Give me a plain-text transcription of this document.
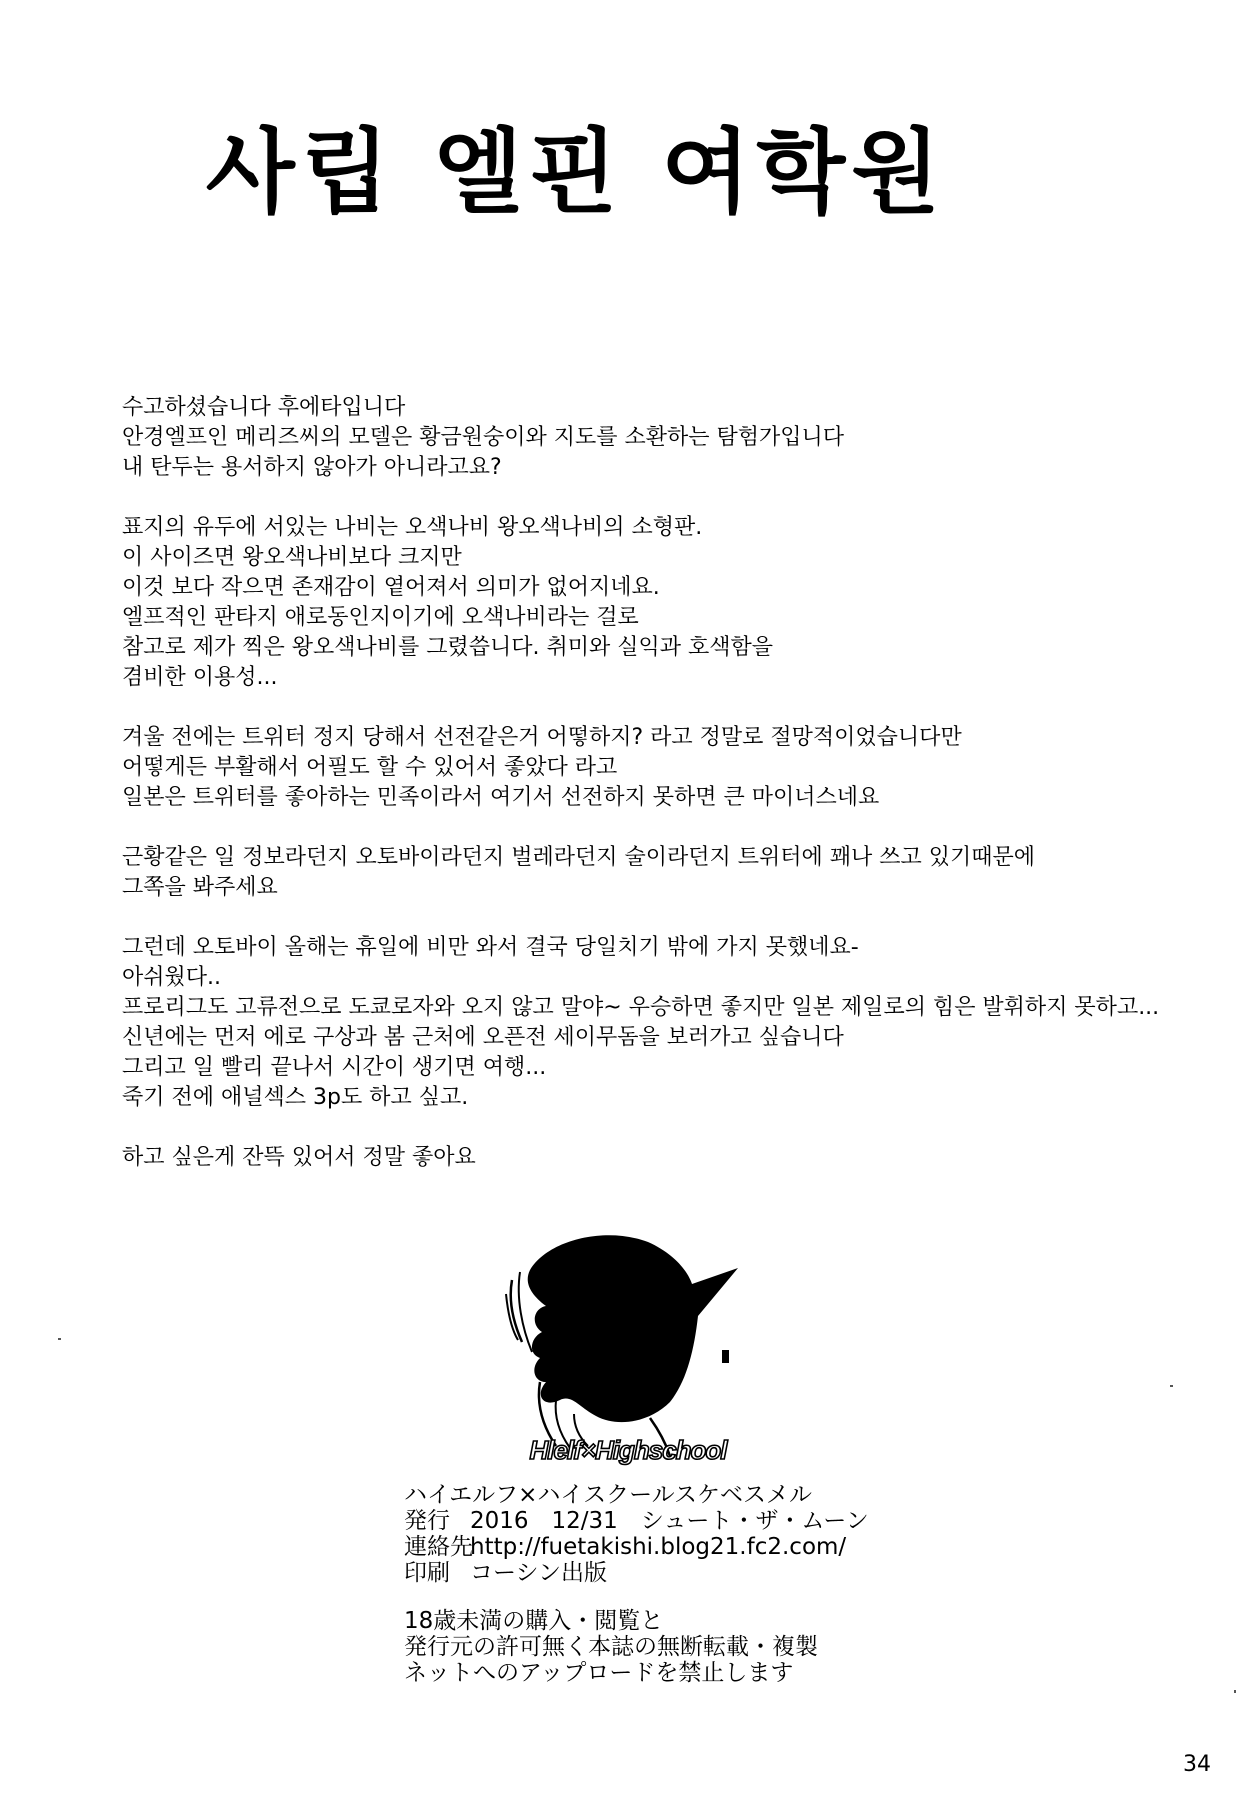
사립 엘핀 여학원
수고하셨습니다 후에타입니다
안경엘프인 메리즈씨의 모델은 황금원숭이와 지도를 소환하는 탐험가입니다
내 탄두는 용서하지 않아가 아니라고요?
표지의 유두에 서있는 나비는 오색나비 왕오색나비의 소형판.
이 사이즈면 왕오색나비보다 크지만
이것 보다 작으면 존재감이 옅어져서 의미가 없어지네요.
엘프적인 판타지 애로동인지이기에 오색나비라는 걸로
참고로 제가 찍은 왕오색나비를 그렸씁니다. 취미와 실익과 호색함을
겸비한 이용성...
겨울 전에는 트위터 정지 당해서 선전같은거 어떻하지? 라고 정말로 절망적이었습니다만
어떻게든 부활해서 어필도 할 수 있어서 좋았다 라고
일본은 트위터를 좋아하는 민족이라서 여기서 선전하지 못하면 큰 마이너스네요
근황같은 일 정보라던지 오토바이라던지 벌레라던지 술이라던지 트위터에 꽤나 쓰고 있기때문에
그쪽을 봐주세요
그런데 오토바이 올해는 휴일에 비만 와서 결국 당일치기 밖에 가지 못했네요-
아쉬웠다..
프로리그도 고류전으로 도쿄로자와 오지 않고 말야~ 우승하면 좋지만 일본 제일로의 힘은 발휘하지 못하고...
신년에는 먼저 에로 구상과 봄 근처에 오픈전 세이무돔을 보러가고 싶습니다
그리고 일 빨리 끝나서 시간이 생기면 여행...
죽기 전에 애널섹스 3p도 하고 싶고.
하고 싶은게 잔뜩 있어서 정말 좋아요
Hlelf×Highschool
ハイエルフ×ハイスクールスケベスメル
発行 2016　12/31　シュート・ザ・ムーン
連絡先http://fuetakishi.blog21.fc2.com/
印刷 コーシン出版
18歳未満の購入・閲覧と
発行元の許可無く本誌の無断転載・複製
ネットへのアップロードを禁止します
34
